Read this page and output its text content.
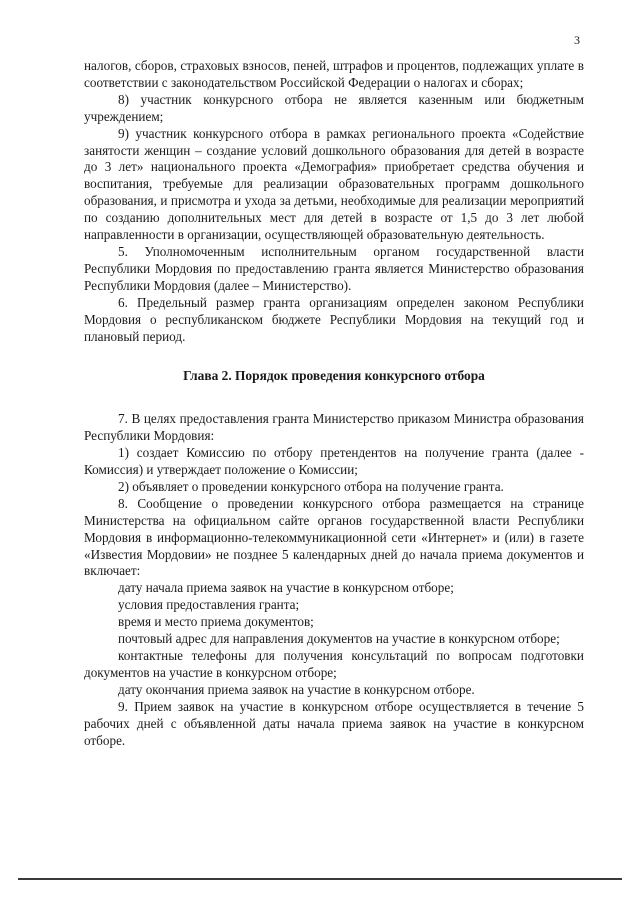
3

налогов, сборов, страховых взносов, пеней, штрафов и процентов, подлежащих уплате в соответствии с законодательством Российской Федерации о налогах и сборах;

8) участник конкурсного отбора не является казенным или бюджетным учреждением;

9) участник конкурсного отбора в рамках регионального проекта «Содействие занятости женщин – создание условий дошкольного образования для детей в возрасте до 3 лет» национального проекта «Демография» приобретает средства обучения и воспитания, требуемые для реализации образовательных программ дошкольного образования, и присмотра и ухода за детьми, необходимые для реализации мероприятий по созданию дополнительных мест для детей в возрасте от 1,5 до 3 лет любой направленности в организации, осуществляющей образовательную деятельность.

5. Уполномоченным исполнительным органом государственной власти Республики Мордовия по предоставлению гранта является Министерство образования Республики Мордовия (далее – Министерство).

6. Предельный размер гранта организациям определен законом Республики Мордовия о республиканском бюджете Республики Мордовия на текущий год и плановый период.

Глава 2. Порядок проведения конкурсного отбора

7. В целях предоставления гранта Министерство приказом Министра образования Республики Мордовия:

1) создает Комиссию по отбору претендентов на получение гранта (далее - Комиссия) и утверждает положение о Комиссии;

2) объявляет о проведении конкурсного отбора на получение гранта.

8. Сообщение о проведении конкурсного отбора размещается на странице Министерства на официальном сайте органов государственной власти Республики Мордовия в информационно-телекоммуникационной сети «Интернет» и (или) в газете «Известия Мордовии» не позднее 5 календарных дней до начала приема документов и включает:

дату начала приема заявок на участие в конкурсном отборе;

условия предоставления гранта;

время и место приема документов;

почтовый адрес для направления документов на участие в конкурсном отборе;

контактные телефоны для получения консультаций по вопросам подготовки документов на участие в конкурсном отборе;

дату окончания приема заявок на участие в конкурсном отборе.

9. Прием заявок на участие в конкурсном отборе осуществляется в течение 5 рабочих дней с объявленной даты начала приема заявок на участие в конкурсном отборе.
